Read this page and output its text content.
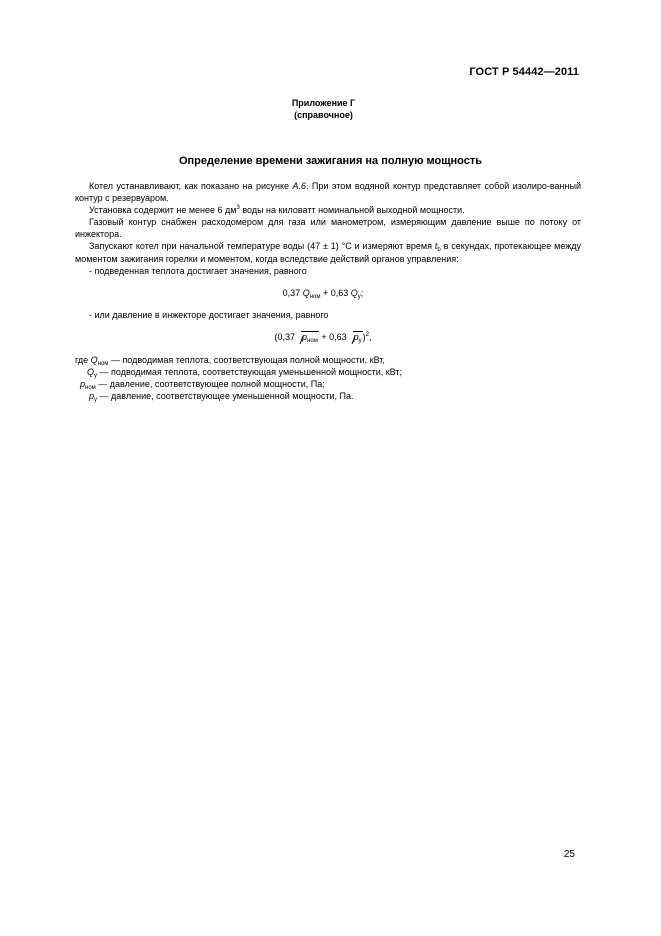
ГОСТ Р 54442—2011
Приложение Г
(справочное)
Определение времени зажигания на полную мощность

Котел устанавливают, как показано на рисунке А.6. При этом водяной контур представляет собой изолиро-ванный контур с резервуаром.

Установка содержит не менее 6 $дм^3$ воды на киловатт номинальной выходной мощности.

Газовый контур снабжен расходомером для газа или манометром, измеряющим давление выше по потоку от инжектора.

Запускают котел при начальной температуре воды (47 ± 1) °С и измеряют время $t_b$ в секундах, протекающее между моментом зажигания горелки и моментом, когда вследствие действий органов управления:

- подведенная теплота достигает значения, равного

0,37 $Q_{ном} + 0,63$ $Q_у$;

- или давление в инжекторе достигает значения, равного

(0,37 $p_{ном} + 0,63$ $p_у)^2$,

где $Q_{ном}$ — подводимая теплота, соответствующая полной мощности, кВт,
$Q_у$ — подводимая теплота, соответствующая уменьшенной мощности, кВт;
$p_{ном}$ — давление, соответствующее полной мощности, Па;
$p_у$ — давление, соответствующее уменьшенной мощности, Па.
25
